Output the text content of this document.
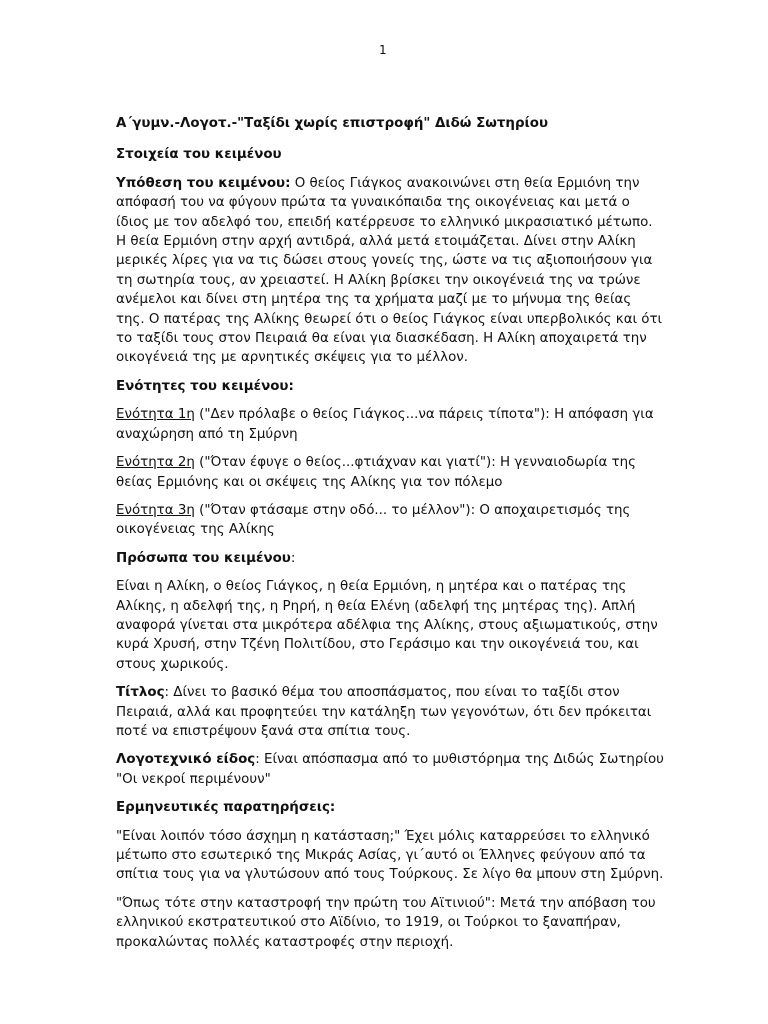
1

Α΄γυμν.-Λογοτ.-"Ταξίδι χωρίς επιστροφή" Διδώ Σωτηρίου

Στοιχεία του κειμένου

Υπόθεση του κειμένου: Ο θείος Γιάγκος ανακοινώνει στη θεία Ερμιόνη την απόφασή του να φύγουν πρώτα τα γυναικόπαιδα της οικογένειας και μετά ο ίδιος με τον αδελφό του, επειδή κατέρρευσε το ελληνικό μικρασιατικό μέτωπο. Η θεία Ερμιόνη στην αρχή αντιδρά, αλλά μετά ετοιμάζεται. Δίνει στην Αλίκη μερικές λίρες για να τις δώσει στους γονείς της, ώστε να τις αξιοποιήσουν για τη σωτηρία τους, αν χρειαστεί. Η Αλίκη βρίσκει την οικογένειά της να τρώνε ανέμελοι και δίνει στη μητέρα της τα χρήματα μαζί με το μήνυμα της θείας της. Ο πατέρας της Αλίκης θεωρεί ότι ο θείος Γιάγκος είναι υπερβολικός και ότι το ταξίδι τους στον Πειραιά θα είναι για διασκέδαση. Η Αλίκη αποχαιρετά την οικογένειά της με αρνητικές σκέψεις για το μέλλον.

Ενότητες του κειμένου:

Ενότητα 1η ("Δεν πρόλαβε ο θείος Γιάγκος...να πάρεις τίποτα"): Η απόφαση για αναχώρηση από τη Σμύρνη

Ενότητα 2η ("Όταν έφυγε ο θείος...φτιάχναν και γιατί"): Η γενναιοδωρία της θείας Ερμιόνης και οι σκέψεις της Αλίκης για τον πόλεμο

Ενότητα 3η ("Όταν φτάσαμε στην οδό... το μέλλον"): Ο αποχαιρετισμός της οικογένειας της Αλίκης

Πρόσωπα του κειμένου:

Είναι η Αλίκη, ο θείος Γιάγκος, η θεία Ερμιόνη, η μητέρα και ο πατέρας της Αλίκης, η αδελφή της, η Ρηρή, η θεία Ελένη (αδελφή της μητέρας της). Απλή αναφορά γίνεται στα μικρότερα αδέλφια της Αλίκης, στους αξιωματικούς, στην κυρά Χρυσή, στην Τζένη Πολιτίδου, στο Γεράσιμο και την οικογένειά του, και στους χωρικούς.

Τίτλος: Δίνει το βασικό θέμα του αποσπάσματος, που είναι το ταξίδι στον Πειραιά, αλλά και προφητεύει την κατάληξη των γεγονότων, ότι δεν πρόκειται ποτέ να επιστρέψουν ξανά στα σπίτια τους.

Λογοτεχνικό είδος: Είναι απόσπασμα από το μυθιστόρημα της Διδώς Σωτηρίου "Οι νεκροί περιμένουν"

Ερμηνευτικές παρατηρήσεις:

"Είναι λοιπόν τόσο άσχημη η κατάσταση;" Έχει μόλις καταρρεύσει το ελληνικό μέτωπο στο εσωτερικό της Μικράς Ασίας, γι΄αυτό οι Έλληνες φεύγουν από τα σπίτια τους για να γλυτώσουν από τους Τούρκους. Σε λίγο θα μπουν στη Σμύρνη.

"Όπως τότε στην καταστροφή την πρώτη του Αϊτινιού": Μετά την απόβαση του ελληνικού εκστρατευτικού στο Αϊδίνιο, το 1919, οι Τούρκοι το ξαναπήραν, προκαλώντας πολλές καταστροφές στην περιοχή.
